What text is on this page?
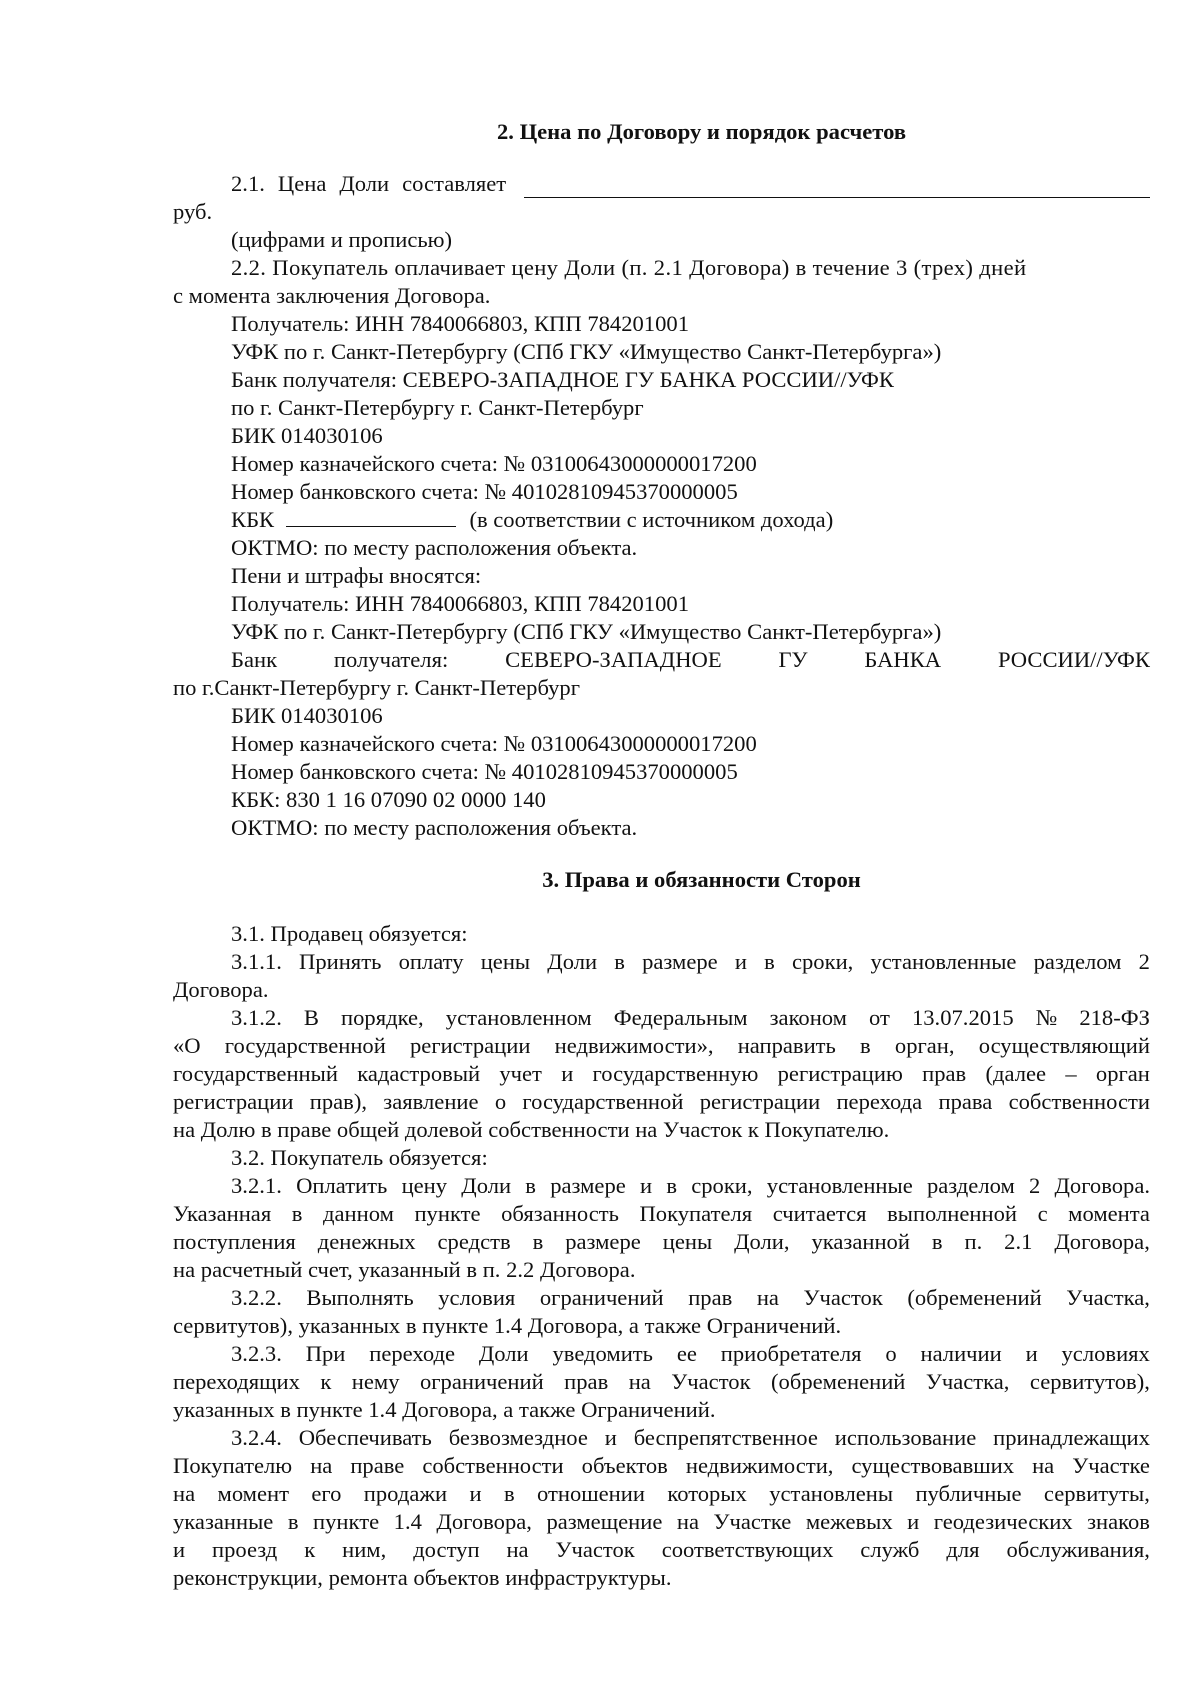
2. Цена по Договору и порядок расчетов
2.1. Цена Доли составляет
руб.
(цифрами и прописью)
2.2. Покупатель оплачивает цену Доли (п. 2.1 Договора) в течение 3 (трех) дней
с момента заключения Договора.
Получатель: ИНН 7840066803, КПП 784201001
УФК по г. Санкт-Петербургу (СПб ГКУ «Имущество Санкт-Петербурга»)
Банк получателя: СЕВЕРО-ЗАПАДНОЕ ГУ БАНКА РОССИИ//УФК
по г. Санкт-Петербургу г. Санкт-Петербург
БИК 014030106
Номер казначейского счета: № 03100643000000017200
Номер банковского счета: № 40102810945370000005
КБК	(в соответствии с источником дохода)
ОКТМО: по месту расположения объекта.
Пени и штрафы вносятся:
Получатель: ИНН 7840066803, КПП 784201001
УФК по г. Санкт-Петербургу (СПб ГКУ «Имущество Санкт-Петербурга»)
Банк	получателя:	СЕВЕРО-ЗАПАДНОЕ	ГУ	БАНКА	РОССИИ//УФК
по г.Санкт-Петербургу г. Санкт-Петербург
БИК 014030106
Номер казначейского счета: № 03100643000000017200
Номер банковского счета: № 40102810945370000005
КБК: 830 1 16 07090 02 0000 140
ОКТМО: по месту расположения объекта.
3. Права и обязанности Сторон
3.1. Продавец обязуется:
3.1.1. Принять оплату цены Доли в размере и в сроки, установленные разделом 2
Договора.
3.1.2. В порядке, установленном Федеральным законом от 13.07.2015 № 218-ФЗ
«О государственной регистрации недвижимости», направить в орган, осуществляющий
государственный кадастровый учет и государственную регистрацию прав (далее – орган
регистрации прав), заявление о государственной регистрации перехода права собственности
на Долю в праве общей долевой собственности на Участок к Покупателю.
3.2. Покупатель обязуется:
3.2.1. Оплатить цену Доли в размере и в сроки, установленные разделом 2 Договора.
Указанная в данном пункте обязанность Покупателя считается выполненной с момента
поступления денежных средств в размере цены Доли, указанной в п. 2.1 Договора,
на расчетный счет, указанный в п. 2.2 Договора.
3.2.2. Выполнять условия ограничений прав на Участок (обременений Участка,
сервитутов), указанных в пункте 1.4 Договора, а также Ограничений.
3.2.3. При переходе Доли уведомить ее приобретателя о наличии и условиях
переходящих к нему ограничений прав на Участок (обременений Участка, сервитутов),
указанных в пункте 1.4 Договора, а также Ограничений.
3.2.4. Обеспечивать безвозмездное и беспрепятственное использование принадлежащих
Покупателю на праве собственности объектов недвижимости, существовавших на Участке
на момент его продажи и в отношении которых установлены публичные сервитуты,
указанные в пункте 1.4 Договора, размещение на Участке межевых и геодезических знаков
и проезд к ним, доступ на Участок соответствующих служб для обслуживания,
реконструкции, ремонта объектов инфраструктуры.
